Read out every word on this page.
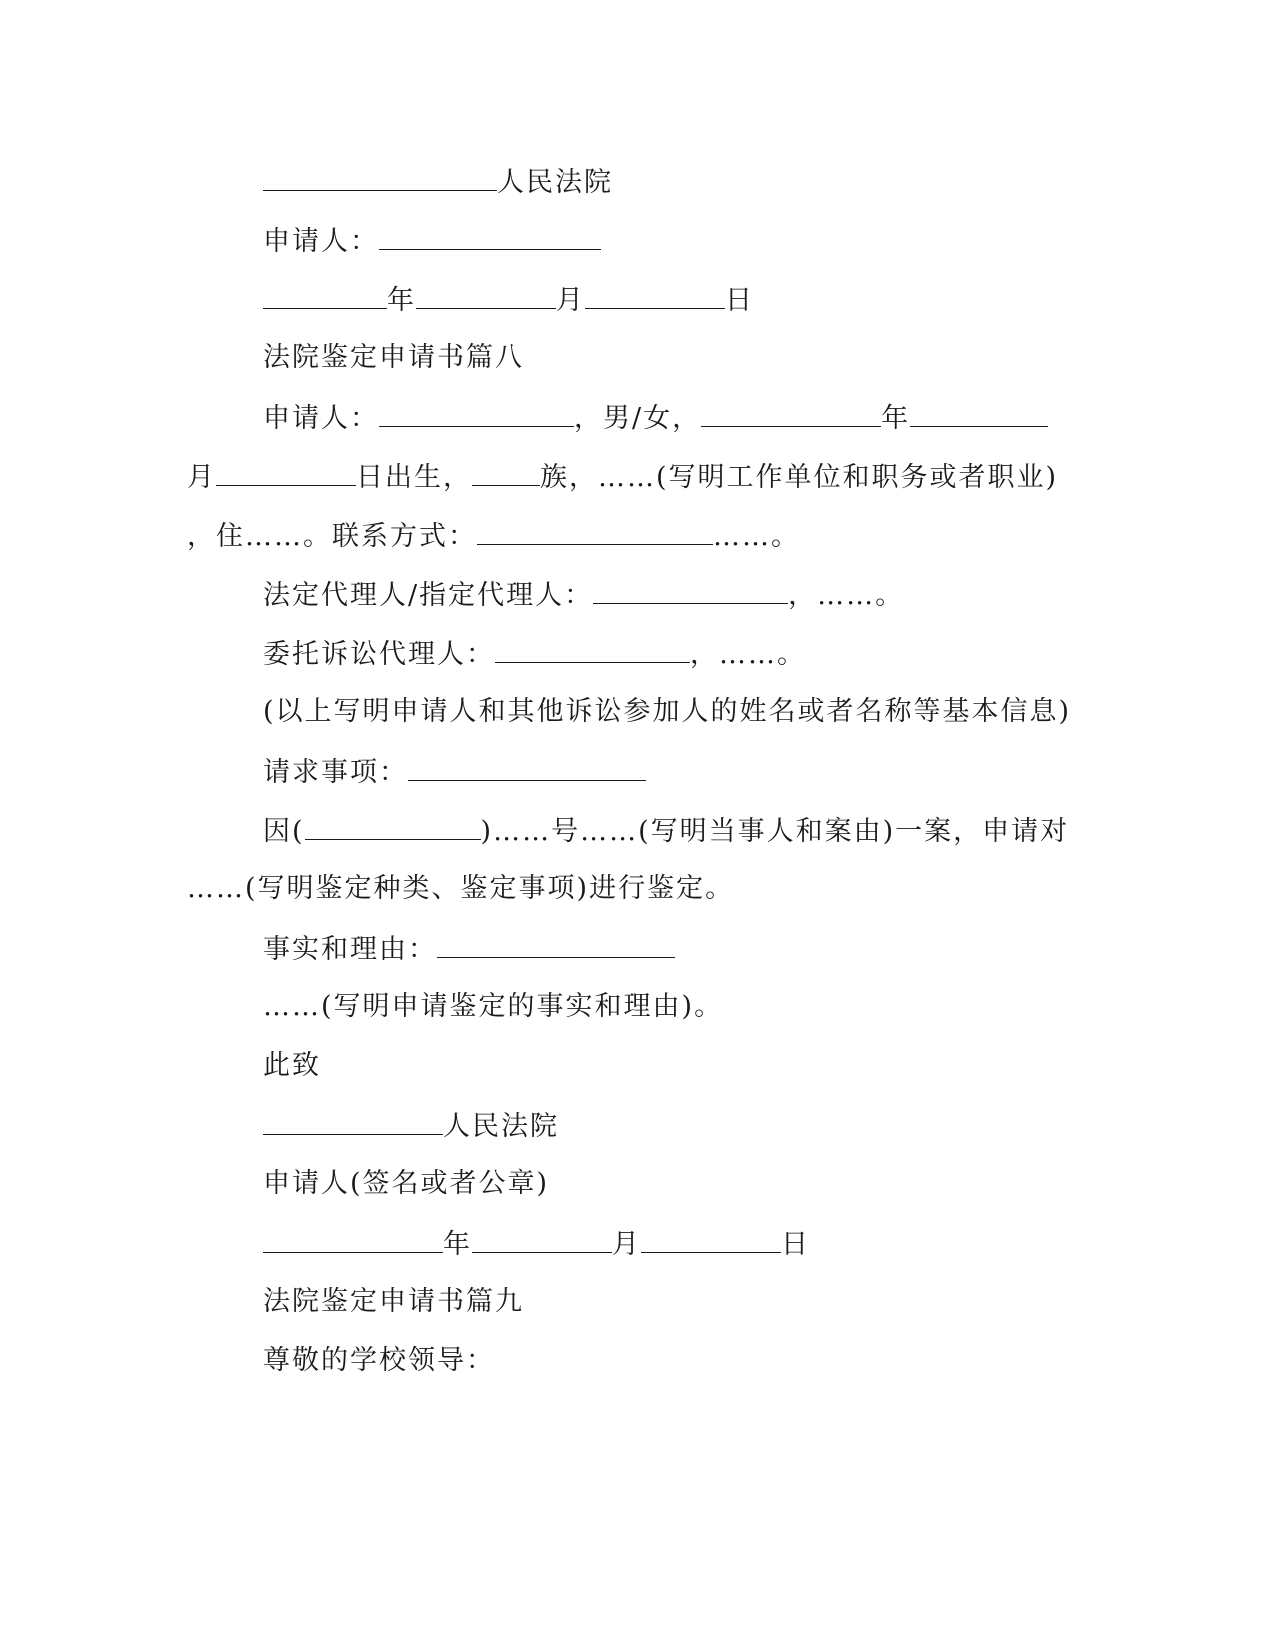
人民法院
申请人：
年	月	日
法院鉴定申请书篇八
申请人：	，男/女，	年
月	日出生，	族，……(写明工作单位和职务或者职业)
，住……。联系方式：	……。
法定代理人/指定代理人：	，……。
委托诉讼代理人：	，……。
(以上写明申请人和其他诉讼参加人的姓名或者名称等基本信息)
请求事项：
因(	)……号……(写明当事人和案由)一案，申请对
……(写明鉴定种类、鉴定事项)进行鉴定。
事实和理由：
……(写明申请鉴定的事实和理由)。
此致
人民法院
申请人(签名或者公章)
年	月	日
法院鉴定申请书篇九
尊敬的学校领导：
